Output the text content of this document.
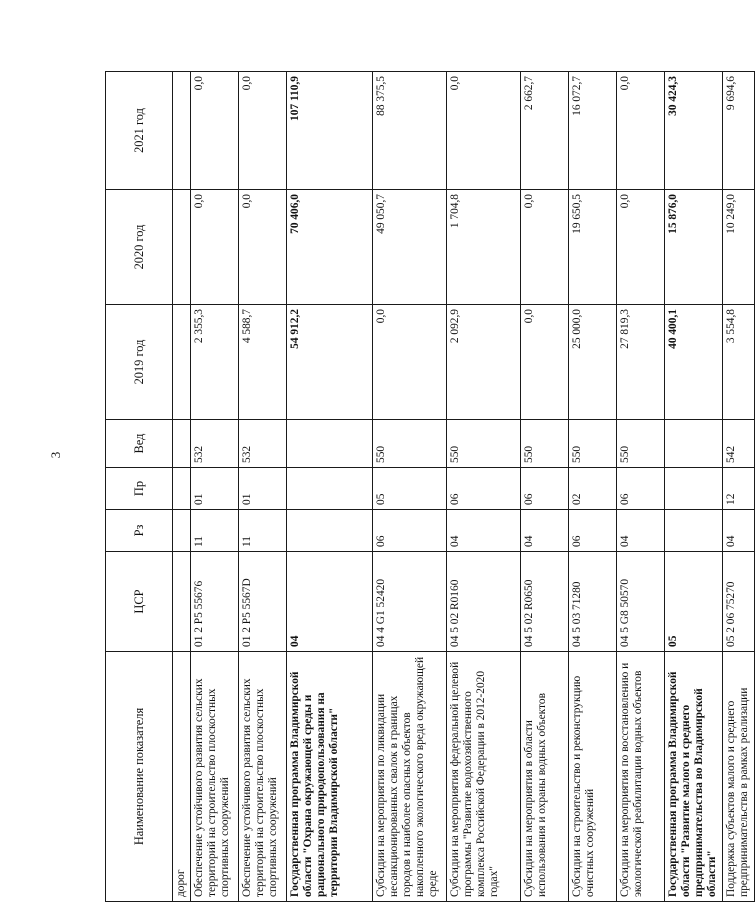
3
Наименование показателя	ЦСР	Рз	Пр	Вед	2019 год	2020 год	2021 год
дорог							
Обеспечение устойчивого развития сельских территорий на строительство плоскостных спортивных сооружений	01 2 P5 55676	11	01	532	2 355,3	0,0	0,0
Обеспечение устойчивого развития сельских территорий на строительство плоскостных спортивных сооружений	01 2 P5 5567D	11	01	532	4 588,7	0,0	0,0
Государственная программа Владимирской области "Охрана окружающей среды и рационального природопользования на территории Владимирской области"	04				54 912,2	70 406,0	107 110,9
Субсидии на мероприятия по ликвидации несанкционированных свалок в границах городов и наиболее опасных объектов накопленного экологического вреда окружающей среде	04 4 G1 52420	06	05	550	0,0	49 050,7	88 375,5
Субсидии на мероприятия федеральной целевой программы "Развитие водохозяйственного комплекса Российской Федерации в 2012-2020 годах"	04 5 02 R0160	04	06	550	2 092,9	1 704,8	0,0
Субсидии на мероприятия в области использования и охраны водных объектов	04 5 02 R0650	04	06	550	0,0	0,0	2 662,7
Субсидии на строительство и реконструкцию очистных сооружений	04 5 03 71280	06	02	550	25 000,0	19 650,5	16 072,7
Субсидии на мероприятия по восстановлению и экологической реабилитации водных объектов	04 5 G8 50570	04	06	550	27 819,3	0,0	0,0
Государственная программа Владимирской области "Развитие малого и среднего предпринимательства во Владимирской области"	05				40 400,1	15 876,0	30 424,3
Поддержка субъектов малого и среднего предпринимательства в рамках реализации	05 2 06 75270	04	12	542	3 554,8	10 249,0	9 694,6
